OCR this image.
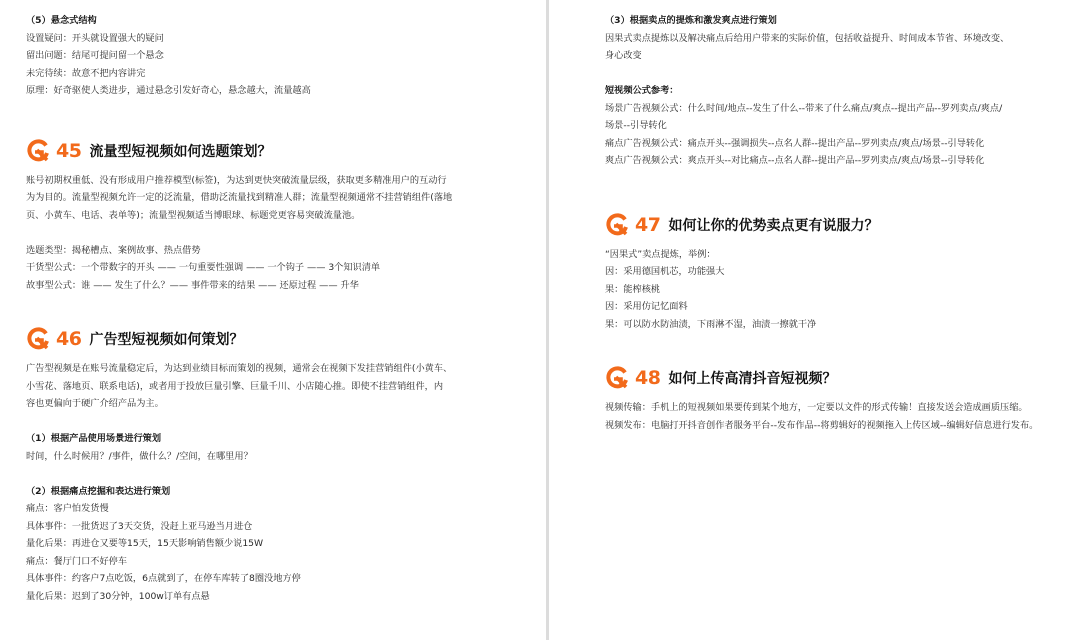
（5）悬念式结构
设置疑问：开头就设置强大的疑问
留出问题：结尾可提问留一个悬念
未完待续：故意不把内容讲完
原理：好奇驱使人类进步，通过悬念引发好奇心，悬念越大，流量越高
45 流量型短视频如何选题策划？
账号初期权重低、没有形成用户推荐模型(标签)，为达到更快突破流量层级，获取更多精准用户的互动行
为为目的。流量型视频允许一定的泛流量，借助泛流量找到精准人群；流量型视频通常不挂营销组件(落地
页、小黄车、电话、表单等)；流量型视频适当博眼球、标题党更容易突破流量池。
选题类型：揭秘槽点、案例故事、热点借势
干货型公式：一个带数字的开头 —— 一句重要性强调 —— 一个钩子 —— 3个知识清单
故事型公式：谁 —— 发生了什么？—— 事件带来的结果 —— 还原过程 —— 升华
46 广告型短视频如何策划？
广告型视频是在账号流量稳定后，为达到业绩目标而策划的视频，通常会在视频下发挂营销组件(小黄车、
小雪花、落地页、联系电话)，或者用于投放巨量引擎、巨量千川、小店随心推。即使不挂营销组件，内
容也更偏向于硬广介绍产品为主。
（1）根据产品使用场景进行策划
时间，什么时候用？/事件，做什么？/空间，在哪里用？
（2）根据痛点挖掘和表达进行策划
痛点：客户怕发货慢
具体事件：一批货迟了3天交货，没赶上亚马逊当月进仓
量化后果：再进仓又要等15天，15天影响销售额少说15W
痛点：餐厅门口不好停车
具体事件：约客户7点吃饭，6点就到了，在停车库转了8圈没地方停
量化后果：迟到了30分钟，100w订单有点悬
（3）根据卖点的提炼和激发爽点进行策划
因果式卖点提炼以及解决痛点后给用户带来的实际价值，包括收益提升、时间成本节省、环境改变、
身心改变
短视频公式参考：
场景广告视频公式：什么时间/地点--发生了什么--带来了什么痛点/爽点--提出产品--罗列卖点/爽点/
场景--引导转化
痛点广告视频公式：痛点开头--强调损失--点名人群--提出产品--罗列卖点/爽点/场景--引导转化
爽点广告视频公式：爽点开头--对比痛点--点名人群--提出产品--罗列卖点/爽点/场景--引导转化
47 如何让你的优势卖点更有说服力？
“因果式”卖点提炼，举例：
因：采用德国机芯，功能强大
果：能榨核桃
因：采用仿记忆面料
果：可以防水防油渍，下雨淋不湿，油渍一擦就干净
48 如何上传高清抖音短视频？
视频传输：手机上的短视频如果要传到某个地方，一定要以文件的形式传输！直接发送会造成画质压缩。
视频发布：电脑打开抖音创作者服务平台--发布作品--将剪辑好的视频拖入上传区域--编辑好信息进行发布。
